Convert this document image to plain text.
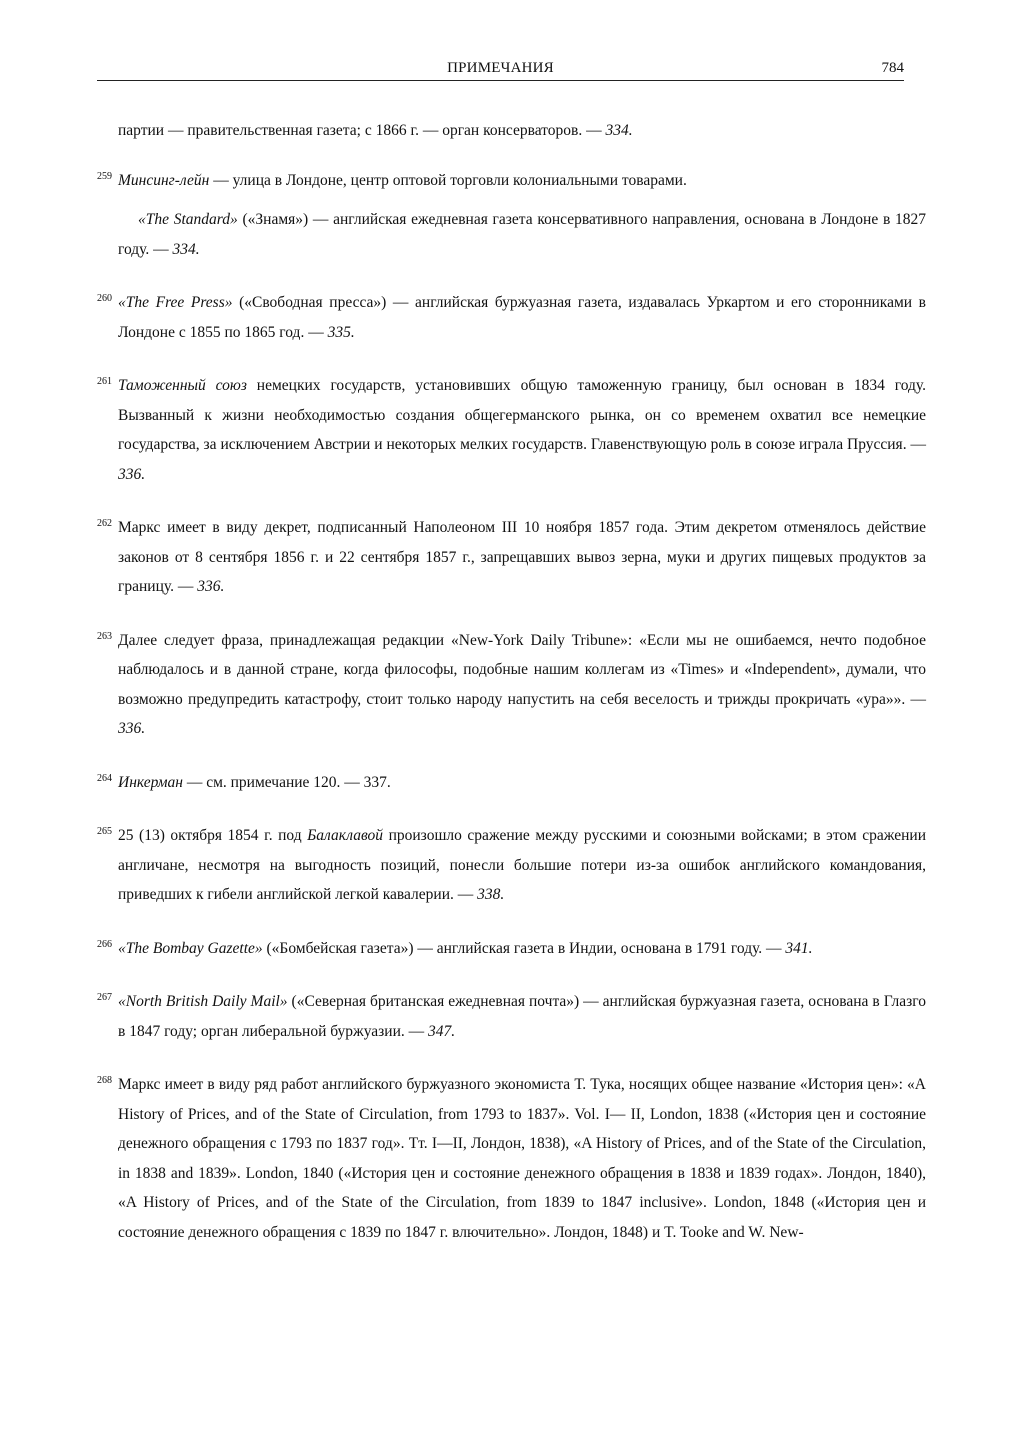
ПРИМЕЧАНИЯ	784

партии — правительственная газета; с 1866 г. — орган консерваторов. — 334.

259 Минсинг-лейн — улица в Лондоне, центр оптовой торговли колониальными товарами.

«The Standard» («Знамя») — английская ежедневная газета консервативного направления, основана в Лондоне в 1827 году. — 334.

260 «The Free Press» («Свободная пресса») — английская буржуазная газета, издавалась Уркартом и его сторонниками в Лондоне с 1855 по 1865 год. — 335.

261 Таможенный союз немецких государств, установивших общую таможенную границу, был основан в 1834 году. Вызванный к жизни необходимостью создания общегерманского рынка, он со временем охватил все немецкие государства, за исключением Австрии и некоторых мелких государств. Главенствующую роль в союзе играла Пруссия. — 336.

262 Маркс имеет в виду декрет, подписанный Наполеоном III 10 ноября 1857 года. Этим декретом отменялось действие законов от 8 сентября 1856 г. и 22 сентября 1857 г., запрещавших вывоз зерна, муки и других пищевых продуктов за границу. — 336.

263 Далее следует фраза, принадлежащая редакции «New-York Daily Tribune»: «Если мы не ошибаемся, нечто подобное наблюдалось и в данной стране, когда философы, подобные нашим коллегам из «Times» и «Independent», думали, что возможно предупредить катастрофу, стоит только народу напустить на себя веселость и трижды прокричать «ура»». — 336.

264 Инкерман — см. примечание 120. — 337.

265 25 (13) октября 1854 г. под Балаклавой произошло сражение между русскими и союзными войсками; в этом сражении англичане, несмотря на выгодность позиций, понесли большие потери из-за ошибок английского командования, приведших к гибели английской легкой кавалерии. — 338.

266 «The Bombay Gazette» («Бомбейская газета») — английская газета в Индии, основана в 1791 году. — 341.

267 «North British Daily Mail» («Северная британская ежедневная почта») — английская буржуазная газета, основана в Глазго в 1847 году; орган либеральной буржуазии. — 347.

268 Маркс имеет в виду ряд работ английского буржуазного экономиста Т. Тука, носящих общее название «История цен»: «A History of Prices, and of the State of Circulation, from 1793 to 1837». Vol. I— II, London, 1838 («История цен и состояние денежного обращения с 1793 по 1837 год». Тт. I—II, Лондон, 1838), «A History of Prices, and of the State of the Circulation, in 1838 and 1839». London, 1840 («История цен и состояние денежного обращения в 1838 и 1839 годах». Лондон, 1840), «A History of Prices, and of the State of the Circulation, from 1839 to 1847 inclusive». London, 1848 («История цен и состояние денежного обращения с 1839 по 1847 г. влючительно». Лондон, 1848) и T. Tooke and W. New-
